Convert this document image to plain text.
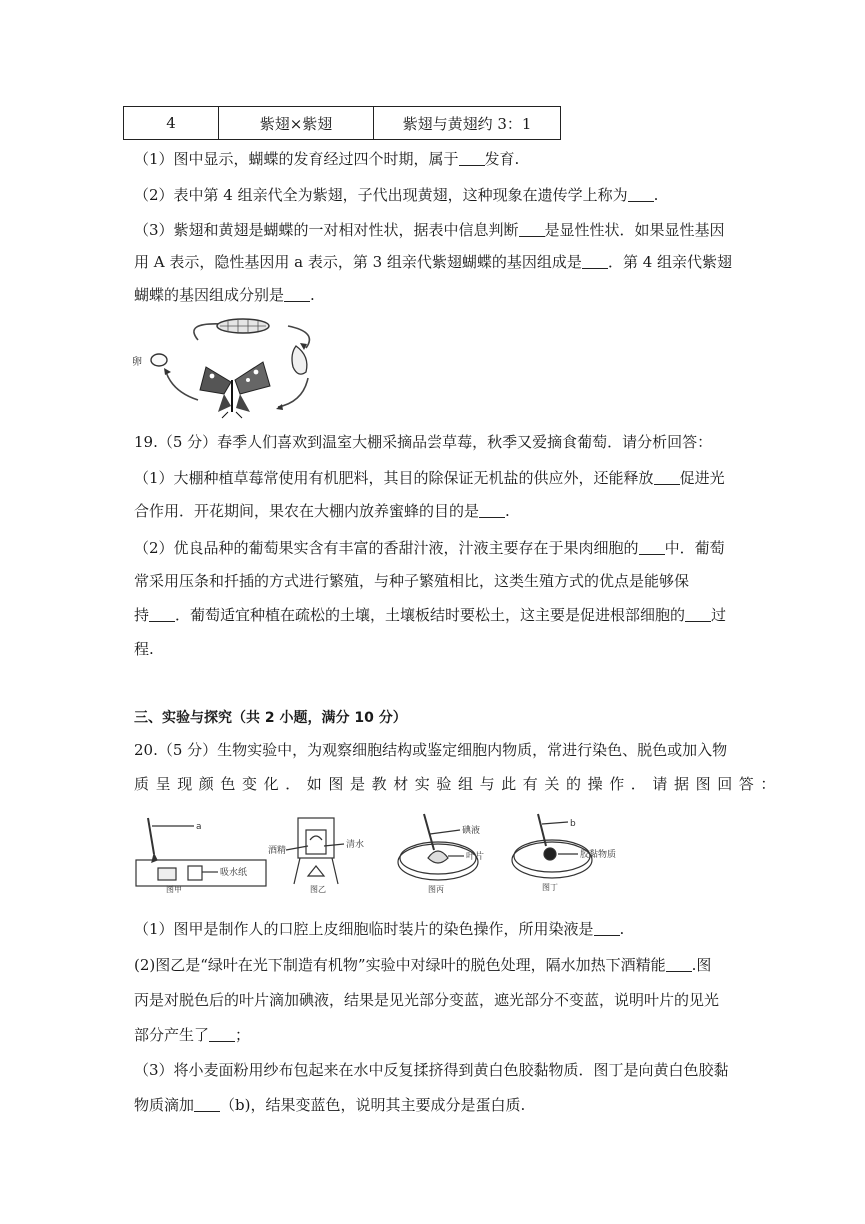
4	紫翅×紫翅	紫翅与黄翅约 3：1
（1）图中显示，蝴蝶的发育经过四个时期，属于 发育.
（2）表中第 4 组亲代全为紫翅，子代出现黄翅，这种现象在遗传学上称为 .
（3）紫翅和黄翅是蝴蝶的一对相对性状，据表中信息判断 是显性性状．如果显性基因
用 A 表示，隐性基因用 a 表示，第 3 组亲代紫翅蝴蝶的基因组成是 ．第 4 组亲代紫翅
蝴蝶的基因组成分别是 .
卵
19.（5 分）春季人们喜欢到温室大棚采摘品尝草莓，秋季又爱摘食葡萄．请分析回答：
（1）大棚种植草莓常使用有机肥料，其目的除保证无机盐的供应外，还能释放 促进光
合作用．开花期间，果农在大棚内放养蜜蜂的目的是 .
（2）优良品种的葡萄果实含有丰富的香甜汁液，汁液主要存在于果肉细胞的 中．葡萄
常采用压条和扦插的方式进行繁殖，与种子繁殖相比，这类生殖方式的优点是能够保
持 ．葡萄适宜种植在疏松的土壤，土壤板结时要松土，这主要是促进根部细胞的 过
程.
三、实验与探究（共 2 小题，满分 10 分）
20.（5 分）生物实验中，为观察细胞结构或鉴定细胞内物质，常进行染色、脱色或加入物
质呈现颜色变化．如图是教材实验组与此有关的操作．请据图回答：
a
吸水纸
图甲
酒精
清水
图乙
碘液
叶片
图丙
b
胶黏物质
图丁
（1）图甲是制作人的口腔上皮细胞临时装片的染色操作，所用染液是 .
(2)图乙是“绿叶在光下制造有机物”实验中对绿叶的脱色处理，隔水加热下酒精能 .图
丙是对脱色后的叶片滴加碘液，结果是见光部分变蓝，遮光部分不变蓝，说明叶片的见光
部分产生了 ；
（3）将小麦面粉用纱布包起来在水中反复揉挤得到黄白色胶黏物质．图丁是向黄白色胶黏
物质滴加 （b)，结果变蓝色，说明其主要成分是蛋白质.
